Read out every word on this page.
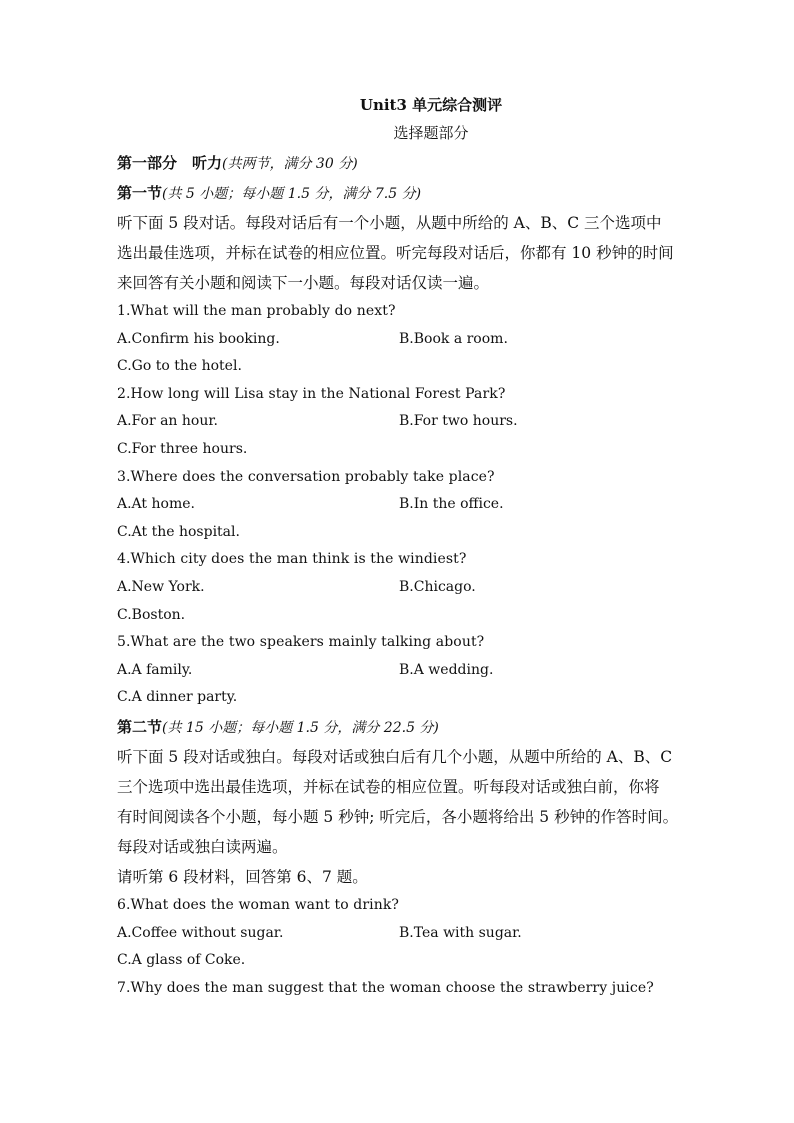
Unit3 单元综合测评
选择题部分
第一部分　听力(共两节，满分 30 分)
第一节(共 5 小题；每小题 1.5 分，满分 7.5 分)
听下面 5 段对话。每段对话后有一个小题，从题中所给的 A、B、C 三个选项中
选出最佳选项，并标在试卷的相应位置。听完每段对话后，你都有 10 秒钟的时间
来回答有关小题和阅读下一小题。每段对话仅读一遍。
1.What will the man probably do next?
A.Confirm his booking.	B.Book a room.
C.Go to the hotel.
2.How long will Lisa stay in the National Forest Park?
A.For an hour.	B.For two hours.
C.For three hours.
3.Where does the conversation probably take place?
A.At home.	B.In the office.
C.At the hospital.
4.Which city does the man think is the windiest?
A.New York.	B.Chicago.
C.Boston.
5.What are the two speakers mainly talking about?
A.A family.	B.A wedding.
C.A dinner party.
第二节(共 15 小题；每小题 1.5 分，满分 22.5 分)
听下面 5 段对话或独白。每段对话或独白后有几个小题，从题中所给的 A、B、C
三个选项中选出最佳选项，并标在试卷的相应位置。听每段对话或独白前，你将
有时间阅读各个小题，每小题 5 秒钟; 听完后，各小题将给出 5 秒钟的作答时间。
每段对话或独白读两遍。
请听第 6 段材料，回答第 6、7 题。
6.What does the woman want to drink?
A.Coffee without sugar.	B.Tea with sugar.
C.A glass of Coke.
7.Why does the man suggest that the woman choose the strawberry juice?
